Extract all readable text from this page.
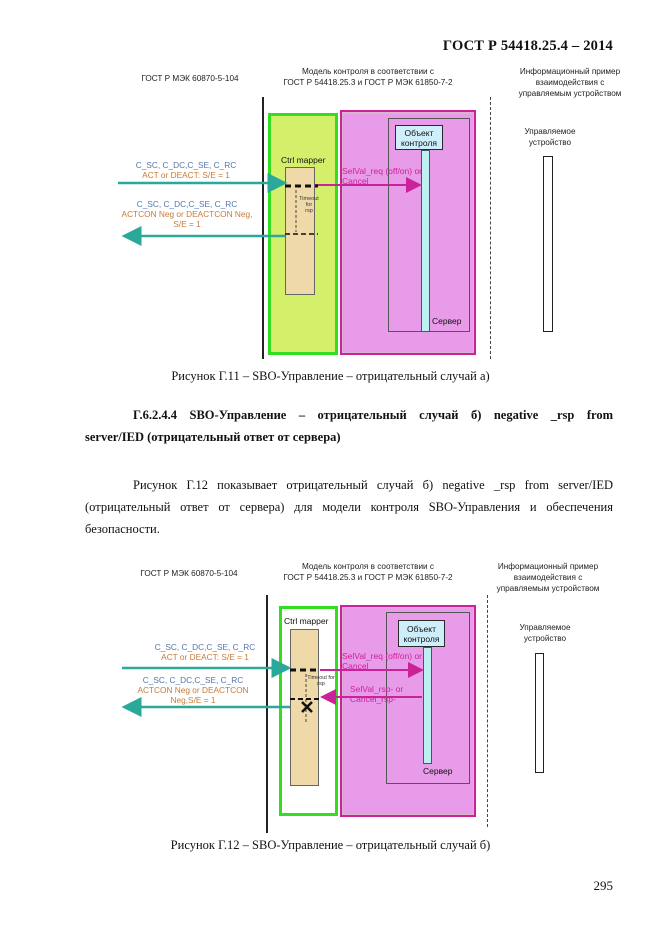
ГОСТ Р 54418.25.4 – 2014
ГОСТ Р МЭК 60870-5-104
Модель контроля в соответствии с
ГОСТ Р 54418.25.3 и ГОСТ Р МЭК 61850-7-2
Информационный пример
взаимодействия с
управляемым устройством
Объект
контроля
Сервер
Ctrl mapper
Timeout for
rsp
C_SC, C_DC,C_SE, C_RC
ACT or DEACT: S/E = 1
C_SC, C_DC,C_SE, C_RC
ACTCON Neg or DEACTCON Neg,
S/E = 1
SelVal_req (off/on) or
Cancel
Управляемое
устройство
Рисунок Г.11 – SBO-Управление – отрицательный случай а)
Г.6.2.4.4 SBO-Управление – отрицательный случай б) negative _rsp from
server/IED (отрицательный ответ от сервера)
Рисунок Г.12 показывает отрицательный случай б) negative _rsp from server/IED
(отрицательный ответ от сервера) для модели контроля SBO-Управления и обеспечения
безопасности.
ГОСТ Р МЭК 60870-5-104
Модель контроля в соответствии с
ГОСТ Р 54418.25.3 и ГОСТ Р МЭК 61850-7-2
Информационный пример
взаимодействия с
управляемым устройством
Объект
контроля
Сервер
Ctrl mapper
Timeout for
rsp
C_SC, C_DC,C_SE, C_RC
ACT or DEACT: S/E = 1
C_SC, C_DC,C_SE, C_RC
ACTCON Neg or DEACTCON
Neg,S/E = 1
SelVal_req (off/on) or
Cancel
SelVal_rsp- or
Cancel_rsp-
Управляемое
устройство
Рисунок Г.12 – SBO-Управление – отрицательный случай б)
295
